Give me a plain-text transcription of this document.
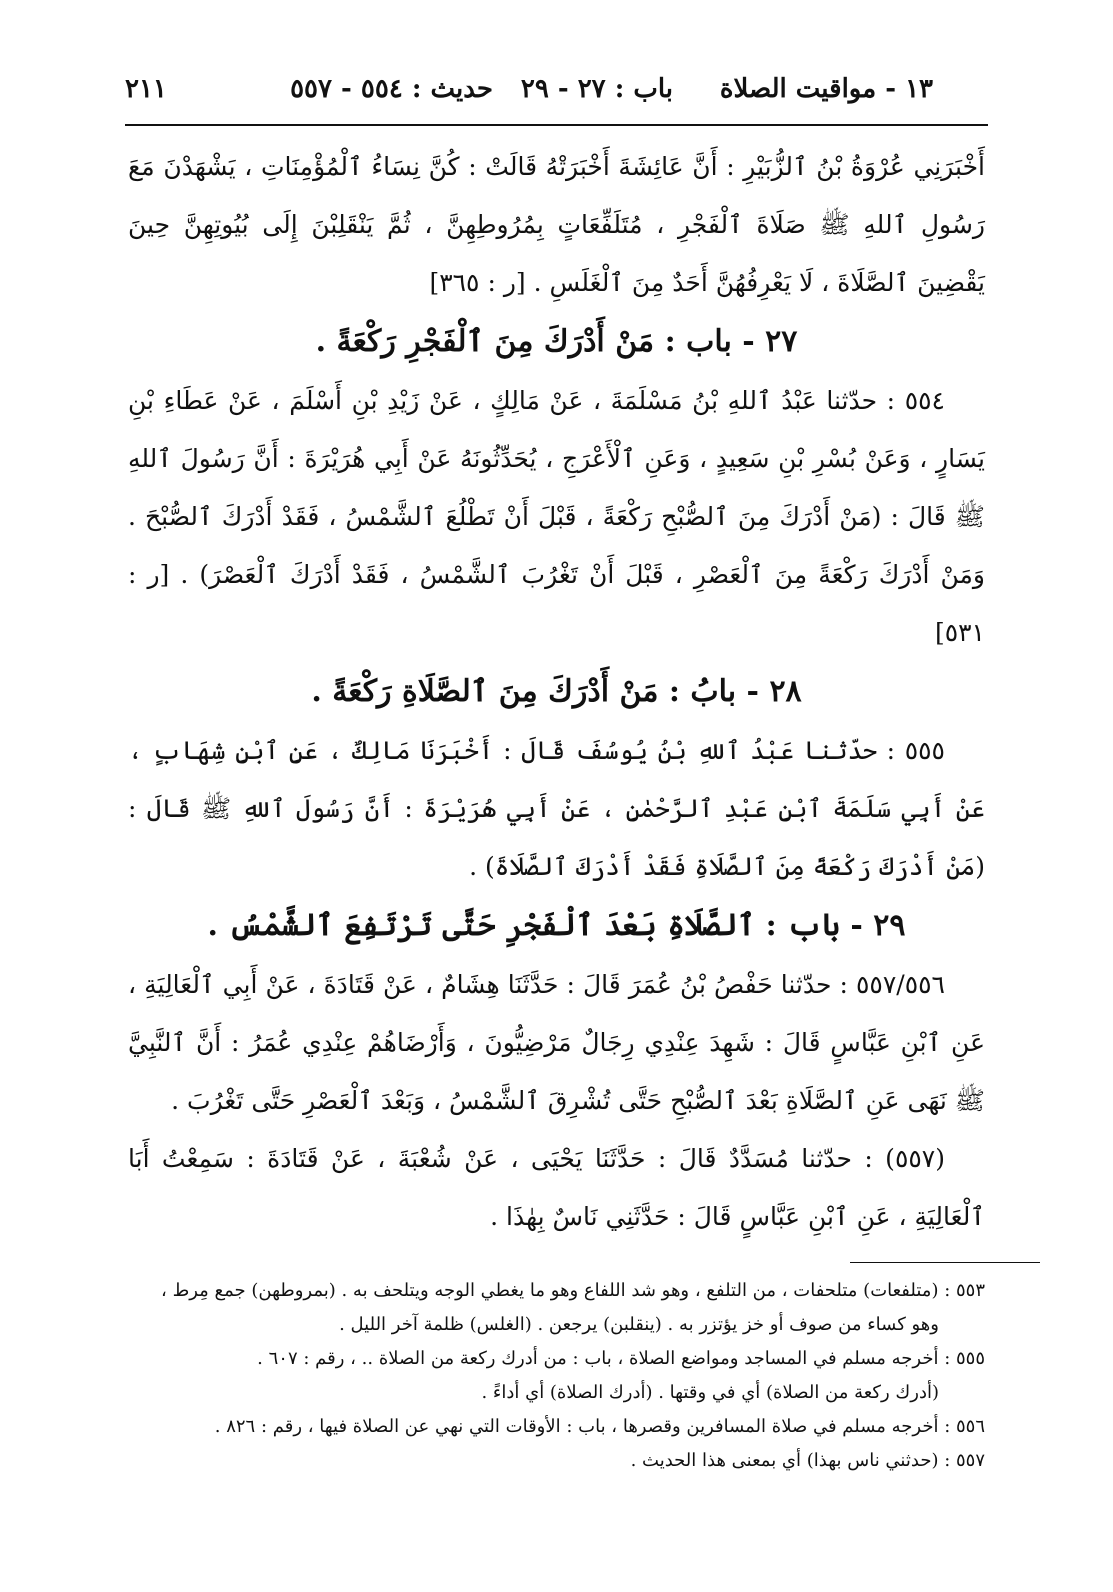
١٣ - مواقيت الصلاة
باب : ٢٧ - ٢٩
حديث : ٥٥٤ - ٥٥٧
٢١١

أَخْبَرَنِي عُرْوَةُ بْنُ ٱلزُّبَيْرِ : أَنَّ عَائِشَةَ أَخْبَرَتْهُ قَالَتْ : كُنَّ نِسَاءُ ٱلْمُؤْمِنَاتِ ، يَشْهَدْنَ مَعَ رَسُولِ ٱللهِ ﷺ صَلَاةَ ٱلْفَجْرِ ، مُتَلَفِّعَاتٍ بِمُرُوطِهِنَّ ، ثُمَّ يَنْقَلِبْنَ إِلَى بُيُوتِهِنَّ حِينَ يَقْضِينَ ٱلصَّلَاةَ ، لَا يَعْرِفُهُنَّ أَحَدٌ مِنَ ٱلْغَلَسِ . [ر : ٣٦٥]

٢٧ - باب : مَنْ أَدْرَكَ مِنَ ٱلْفَجْرِ رَكْعَةً .

٥٥٤ : حدّثنا عَبْدُ ٱللهِ بْنُ مَسْلَمَةَ ، عَنْ مَالِكٍ ، عَنْ زَيْدِ بْنِ أَسْلَمَ ، عَنْ عَطَاءِ بْنِ يَسَارٍ ، وَعَنْ بُسْرِ بْنِ سَعِيدٍ ، وَعَنِ ٱلْأَعْرَجِ ، يُحَدِّثُونَهُ عَنْ أَبِي هُرَيْرَةَ : أَنَّ رَسُولَ ٱللهِ ﷺ قَالَ : (مَنْ أَدْرَكَ مِنَ ٱلصُّبْحِ رَكْعَةً ، قَبْلَ أَنْ تَطْلُعَ ٱلشَّمْسُ ، فَقَدْ أَدْرَكَ ٱلصُّبْحَ . وَمَنْ أَدْرَكَ رَكْعَةً مِنَ ٱلْعَصْرِ ، قَبْلَ أَنْ تَغْرُبَ ٱلشَّمْسُ ، فَقَدْ أَدْرَكَ ٱلْعَصْرَ) . [ر : ٥٣١]

٢٨ - بابُ : مَنْ أَدْرَكَ مِنَ ٱلصَّلَاةِ رَكْعَةً .

٥٥٥ : حدّثنا عَبْدُ ٱللهِ بْنُ يُوسُفَ قَالَ : أَخْبَرَنَا مَالِكٌ ، عَنِ ٱبْنِ شِهَابٍ ، عَنْ أَبِي سَلَمَةَ ٱبْنِ عَبْدِ ٱلرَّحْمٰنِ ، عَنْ أَبِي هُرَيْرَةَ : أَنَّ رَسُولَ ٱللهِ ﷺ قَالَ : (مَنْ أَدْرَكَ رَكْعَةً مِنَ ٱلصَّلَاةِ فَقَدْ أَدْرَكَ ٱلصَّلَاةَ) .

٢٩ - باب : ٱلصَّلَاةِ بَعْدَ ٱلْفَجْرِ حَتَّى تَرْتَفِعَ ٱلشَّمْسُ .

٥٥٧/٥٥٦ : حدّثنا حَفْصُ بْنُ عُمَرَ قَالَ : حَدَّثَنَا هِشَامٌ ، عَنْ قَتَادَةَ ، عَنْ أَبِي ٱلْعَالِيَةِ ، عَنِ ٱبْنِ عَبَّاسٍ قَالَ : شَهِدَ عِنْدِي رِجَالٌ مَرْضِيُّونَ ، وَأَرْضَاهُمْ عِنْدِي عُمَرُ : أَنَّ ٱلنَّبِيَّ ﷺ نَهَى عَنِ ٱلصَّلَاةِ بَعْدَ ٱلصُّبْحِ حَتَّى تُشْرِقَ ٱلشَّمْسُ ، وَبَعْدَ ٱلْعَصْرِ حَتَّى تَغْرُبَ .

(٥٥٧) : حدّثنا مُسَدَّدٌ قَالَ : حَدَّثَنَا يَحْيَى ، عَنْ شُعْبَةَ ، عَنْ قَتَادَةَ : سَمِعْتُ أَبَا ٱلْعَالِيَةِ ، عَنِ ٱبْنِ عَبَّاسٍ قَالَ : حَدَّثَنِي نَاسٌ بِهٰذَا .

٥٥٣ : (متلفعات) متلحفات ، من التلفع ، وهو شد اللفاع وهو ما يغطي الوجه ويتلحف به . (بمروطهن) جمع مِرط ،

وهو كساء من صوف أو خز يؤتزر به . (ينقلبن) يرجعن . (الغلس) ظلمة آخر الليل .

٥٥٥ : أخرجه مسلم في المساجد ومواضع الصلاة ، باب : من أدرك ركعة من الصلاة .. ، رقم : ٦٠٧ .

(أدرك ركعة من الصلاة) أي في وقتها . (أدرك الصلاة) أي أداءً .

٥٥٦ : أخرجه مسلم في صلاة المسافرين وقصرها ، باب : الأوقات التي نهي عن الصلاة فيها ، رقم : ٨٢٦ .

٥٥٧ : (حدثني ناس بهذا) أي بمعنى هذا الحديث .
